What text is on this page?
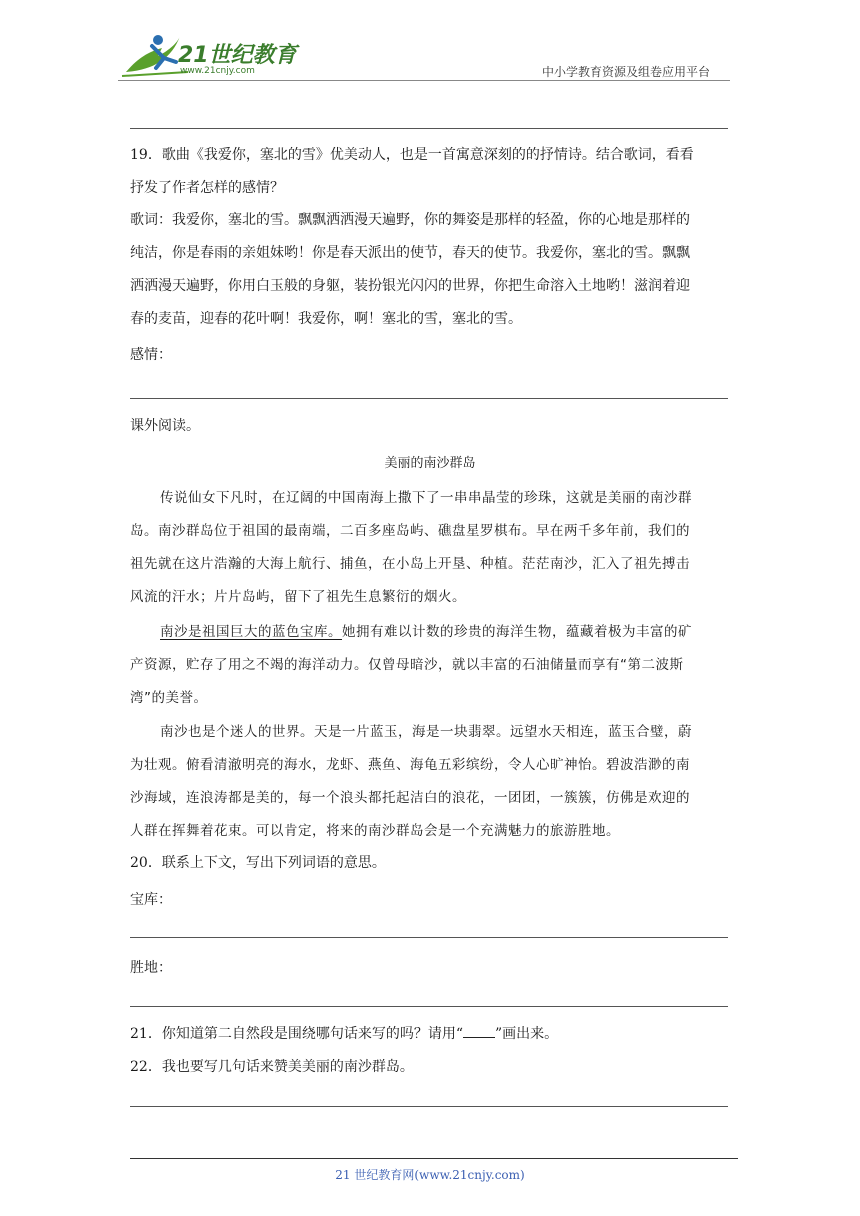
21世纪教育
www.21cnjy.com	中小学教育资源及组卷应用平台
19．歌曲《我爱你，塞北的雪》优美动人，也是一首寓意深刻的的抒情诗。结合歌词，看看
抒发了作者怎样的感情？
歌词：我爱你，塞北的雪。飘飘洒洒漫天遍野，你的舞姿是那样的轻盈，你的心地是那样的
纯洁，你是春雨的亲姐妹哟！你是春天派出的使节，春天的使节。我爱你，塞北的雪。飘飘
洒洒漫天遍野，你用白玉般的身躯，装扮银光闪闪的世界，你把生命溶入土地哟！滋润着迎
春的麦苗，迎春的花叶啊！我爱你，啊！塞北的雪，塞北的雪。
感情：
课外阅读。
美丽的南沙群岛
传说仙女下凡时，在辽阔的中国南海上撒下了一串串晶莹的珍珠，这就是美丽的南沙群
岛。南沙群岛位于祖国的最南端，二百多座岛屿、礁盘星罗棋布。早在两千多年前，我们的
祖先就在这片浩瀚的大海上航行、捕鱼，在小岛上开垦、种植。茫茫南沙，汇入了祖先搏击
风流的汗水；片片岛屿，留下了祖先生息繁衍的烟火。
南沙是祖国巨大的蓝色宝库。她拥有难以计数的珍贵的海洋生物，蕴藏着极为丰富的矿
产资源，贮存了用之不竭的海洋动力。仅曾母暗沙，就以丰富的石油储量而享有“第二波斯
湾”的美誉。
南沙也是个迷人的世界。天是一片蓝玉，海是一块翡翠。远望水天相连，蓝玉合璧，蔚
为壮观。俯看清澈明亮的海水，龙虾、燕鱼、海龟五彩缤纷，令人心旷神怡。碧波浩渺的南
沙海域，连浪涛都是美的，每一个浪头都托起洁白的浪花，一团团，一簇簇，仿佛是欢迎的
人群在挥舞着花束。可以肯定，将来的南沙群岛会是一个充满魅力的旅游胜地。
20．联系上下文，写出下列词语的意思。
宝库：
胜地：
21．你知道第二自然段是围绕哪句话来写的吗？请用“ ”画出来。
22．我也要写几句话来赞美美丽的南沙群岛。
21 世纪教育网(www.21cnjy.com)
